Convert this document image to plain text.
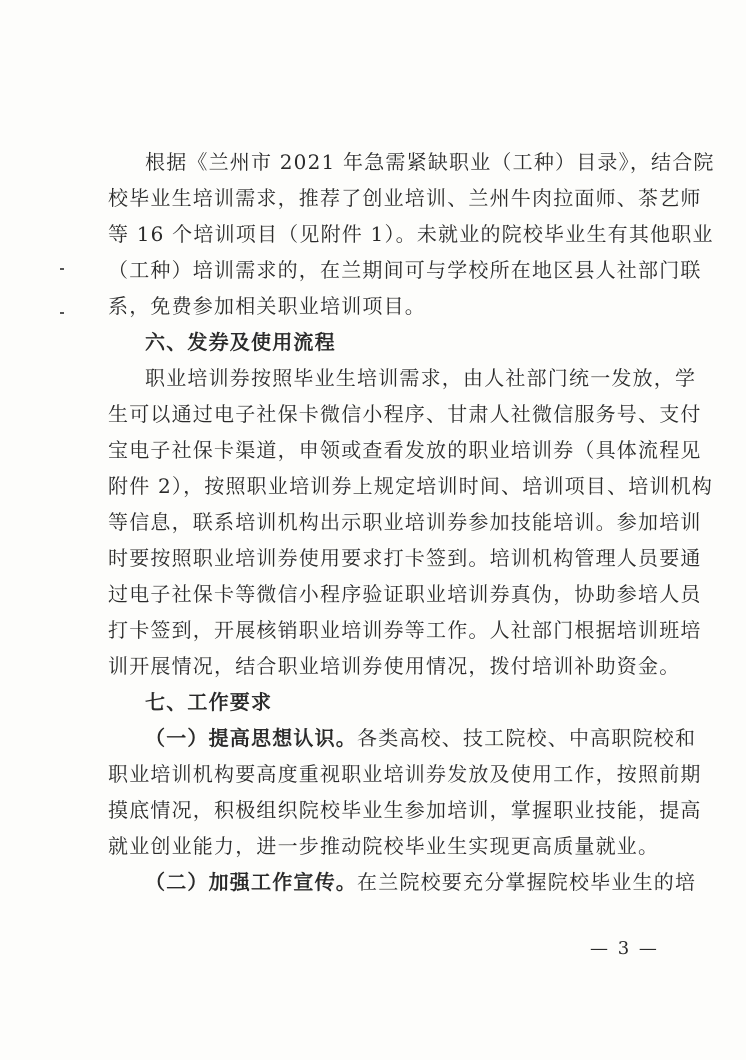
根据《兰州市 2021 年急需紧缺职业（工种）目录》，结合院
校毕业生培训需求，推荐了创业培训、兰州牛肉拉面师、茶艺师
等 16 个培训项目（见附件 1）。未就业的院校毕业生有其他职业
（工种）培训需求的，在兰期间可与学校所在地区县人社部门联
系，免费参加相关职业培训项目。
六、发券及使用流程
职业培训券按照毕业生培训需求，由人社部门统一发放，学
生可以通过电子社保卡微信小程序、甘肃人社微信服务号、支付
宝电子社保卡渠道，申领或查看发放的职业培训券（具体流程见
附件 2），按照职业培训券上规定培训时间、培训项目、培训机构
等信息，联系培训机构出示职业培训券参加技能培训。参加培训
时要按照职业培训券使用要求打卡签到。培训机构管理人员要通
过电子社保卡等微信小程序验证职业培训券真伪，协助参培人员
打卡签到，开展核销职业培训券等工作。人社部门根据培训班培
训开展情况，结合职业培训券使用情况，拨付培训补助资金。
七、工作要求
（一）提高思想认识。各类高校、技工院校、中高职院校和
职业培训机构要高度重视职业培训券发放及使用工作，按照前期
摸底情况，积极组织院校毕业生参加培训，掌握职业技能，提高
就业创业能力，进一步推动院校毕业生实现更高质量就业。
（二）加强工作宣传。在兰院校要充分掌握院校毕业生的培
— 3 —
